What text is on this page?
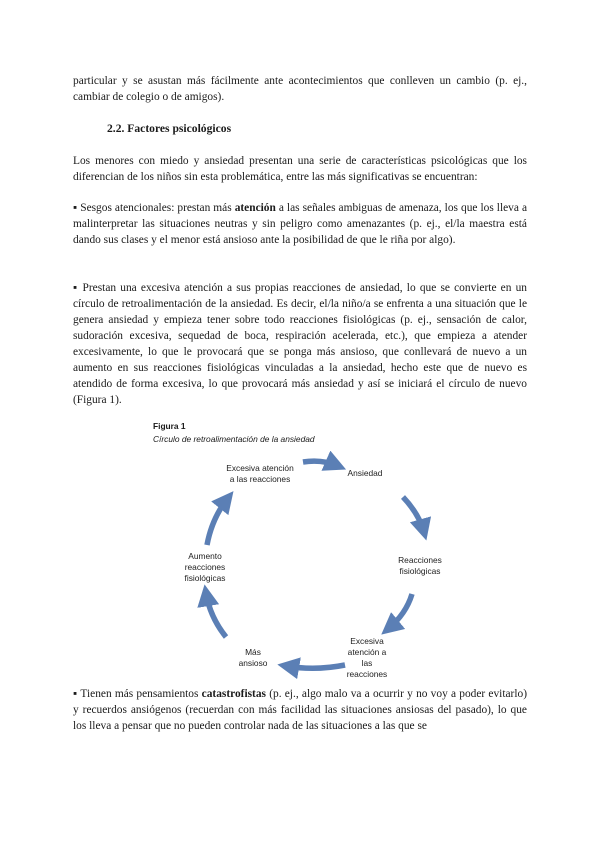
particular y se asustan más fácilmente ante acontecimientos que conlleven un cambio (p. ej., cambiar de colegio o de amigos).

2.2. Factores psicológicos

Los menores con miedo y ansiedad presentan una serie de características psicológicas que los diferencian de los niños sin esta problemática, entre las más significativas se encuentran:

▪ Sesgos atencionales: prestan más atención a las señales ambiguas de amenaza, los que los lleva a malinterpretar las situaciones neutras y sin peligro como amenazantes (p. ej., el/la maestra está dando sus clases y el menor está ansioso ante la posibilidad de que le riña por algo).

▪ Prestan una excesiva atención a sus propias reacciones de ansiedad, lo que se convierte en un círculo de retroalimentación de la ansiedad. Es decir, el/la niño/a se enfrenta a una situación que le genera ansiedad y empieza tener sobre todo reacciones fisiológicas (p. ej., sensación de calor, sudoración excesiva, sequedad de boca, respiración acelerada, etc.), que empieza a atender excesivamente, lo que le provocará que se ponga más ansioso, que conllevará de nuevo a un aumento en sus reacciones fisiológicas vinculadas a la ansiedad, hecho este que de nuevo es atendido de forma excesiva, lo que provocará más ansiedad y así se iniciará el círculo de nuevo (Figura 1).

Figura 1

Círculo de retroalimentación de la ansiedad

Ansiedad
Reacciones
fisiológicas
Excesiva
atención a
las
reacciones
Más
ansioso
Aumento
reacciones
fisiológicas
Excesiva atención
a las reacciones

▪ Tienen más pensamientos catastrofistas (p. ej., algo malo va a ocurrir y no voy a poder evitarlo) y recuerdos ansiógenos (recuerdan con más facilidad las situaciones ansiosas del pasado), lo que los lleva a pensar que no pueden controlar nada de las situaciones a las que se
